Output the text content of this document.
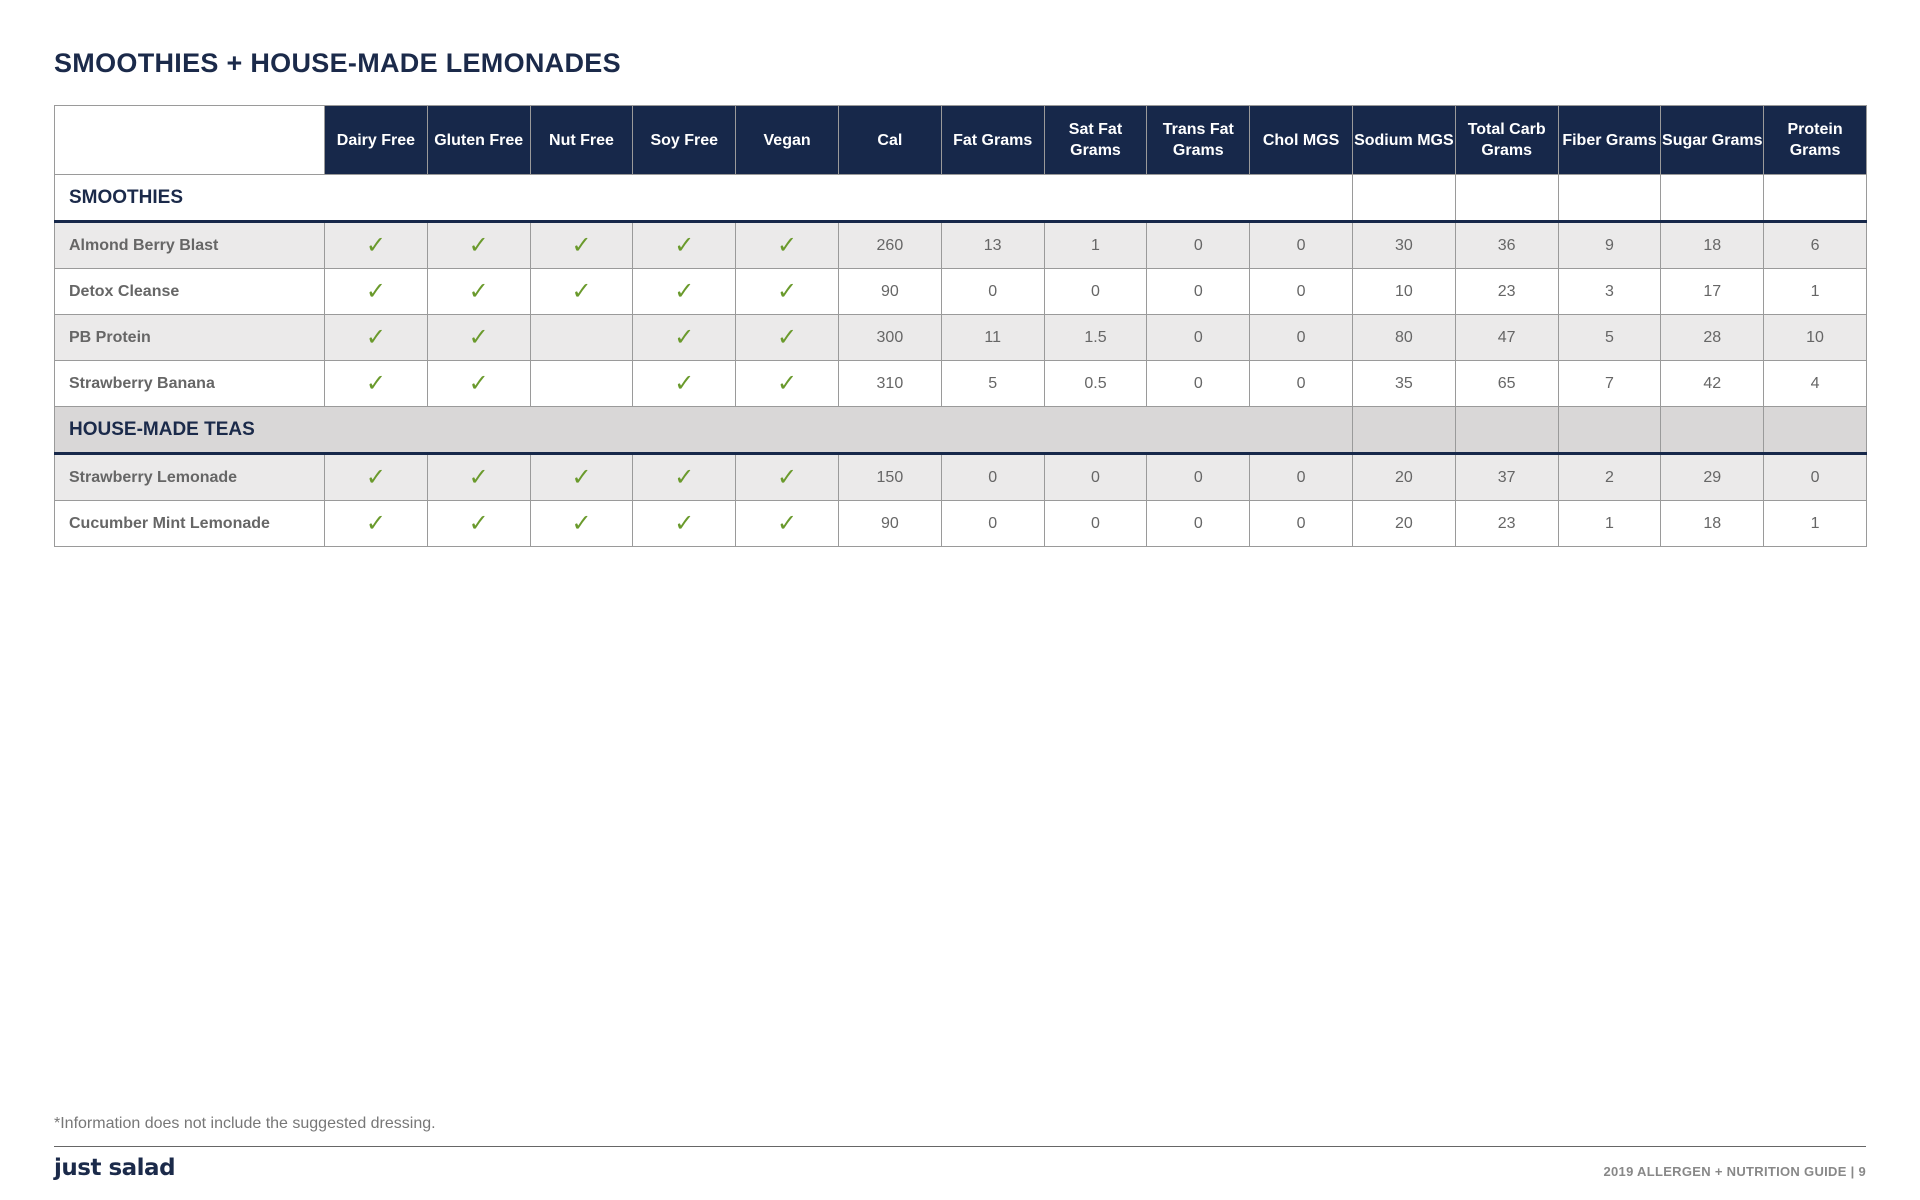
SMOOTHIES + HOUSE-MADE LEMONADES
	Dairy Free	Gluten Free	Nut Free	Soy Free	Vegan	Cal	Fat Grams	Sat Fat Grams	Trans Fat Grams	Chol MGS	Sodium MGS	Total Carb Grams	Fiber Grams	Sugar Grams	Protein Grams
SMOOTHIES															
Almond Berry Blast	✓	✓	✓	✓	✓	260	13	1	0	0	30	36	9	18	6
Detox Cleanse	✓	✓	✓	✓	✓	90	0	0	0	0	10	23	3	17	1
PB Protein	✓	✓		✓	✓	300	11	1.5	0	0	80	47	5	28	10
Strawberry Banana	✓	✓		✓	✓	310	5	0.5	0	0	35	65	7	42	4
HOUSE-MADE TEAS															
Strawberry Lemonade	✓	✓	✓	✓	✓	150	0	0	0	0	20	37	2	29	0
Cucumber Mint Lemonade	✓	✓	✓	✓	✓	90	0	0	0	0	20	23	1	18	1
*Information does not include the suggested dressing.
just salad	2019 ALLERGEN + NUTRITION GUIDE | 9
